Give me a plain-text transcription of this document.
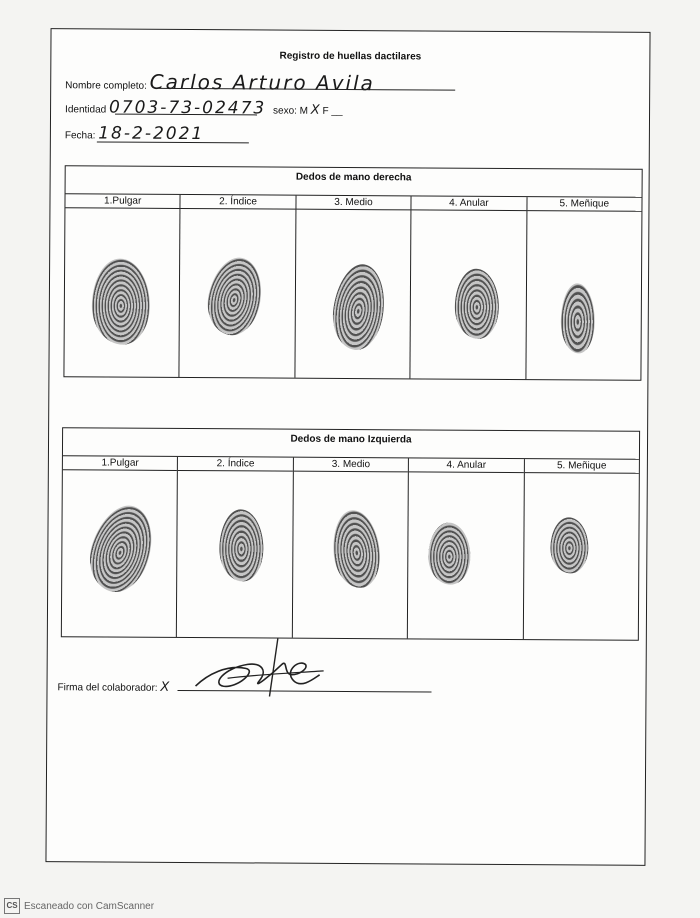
Registro de huellas dactilares
Nombre completo: Carlos Arturo Avila
Identidad 0703-73-02473 sexo: M X F __
Fecha: 18-2-2021
Dedos de mano derecha
1.Pulgar	2. Índice	3. Medio	4. Anular	5. Meñique
Dedos de mano Izquierda
1.Pulgar	2. Índice	3. Medio	4. Anular	5. Meñique
Firma del colaborador: X
CS Escaneado con CamScanner
